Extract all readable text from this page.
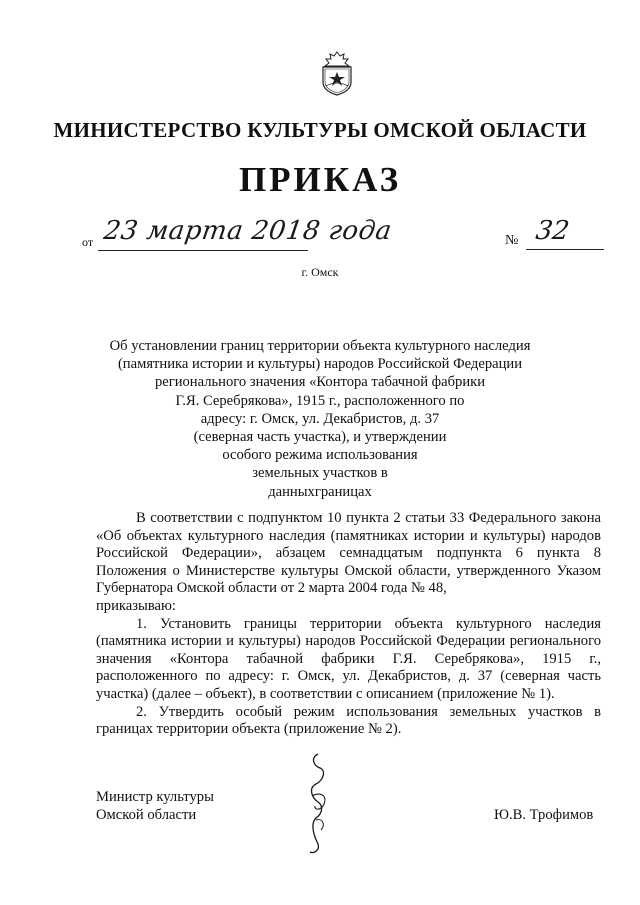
МИНИСТЕРСТВО КУЛЬТУРЫ ОМСКОЙ ОБЛАСТИ
ПРИКАЗ
от 23 марта 2018 года	№ 32
г. Омск
Об установлении границ территории объекта культурного наследия
(памятника истории и культуры) народов Российской Федерации
регионального значения «Контора табачной фабрики
Г.Я. Серебрякова», 1915 г., расположенного по
адресу: г. Омск, ул. Декабристов, д. 37
(северная часть участка), и утверждении
особого режима использования
земельных участков в
данныхграницах

В соответствии с подпунктом 10 пункта 2 статьи 33 Федерального закона «Об объектах культурного наследия (памятниках истории и культуры) народов Российской Федерации», абзацем семнадцатым подпункта 6 пункта 8 Положения о Министерстве культуры Омской области, утвержденного Указом Губернатора Омской области от 2 марта 2004 года № 48,

приказываю:

1. Установить границы территории объекта культурного наследия (памятника истории и культуры) народов Российской Федерации регионального значения «Контора табачной фабрики Г.Я. Серебрякова», 1915 г., расположенного по адресу: г. Омск, ул. Декабристов, д. 37 (северная часть участка) (далее – объект), в соответствии с описанием (приложение № 1).

2. Утвердить особый режим использования земельных участков в границах территории объекта (приложение № 2).

Министр культуры
Омской области	Ю.В. Трофимов
